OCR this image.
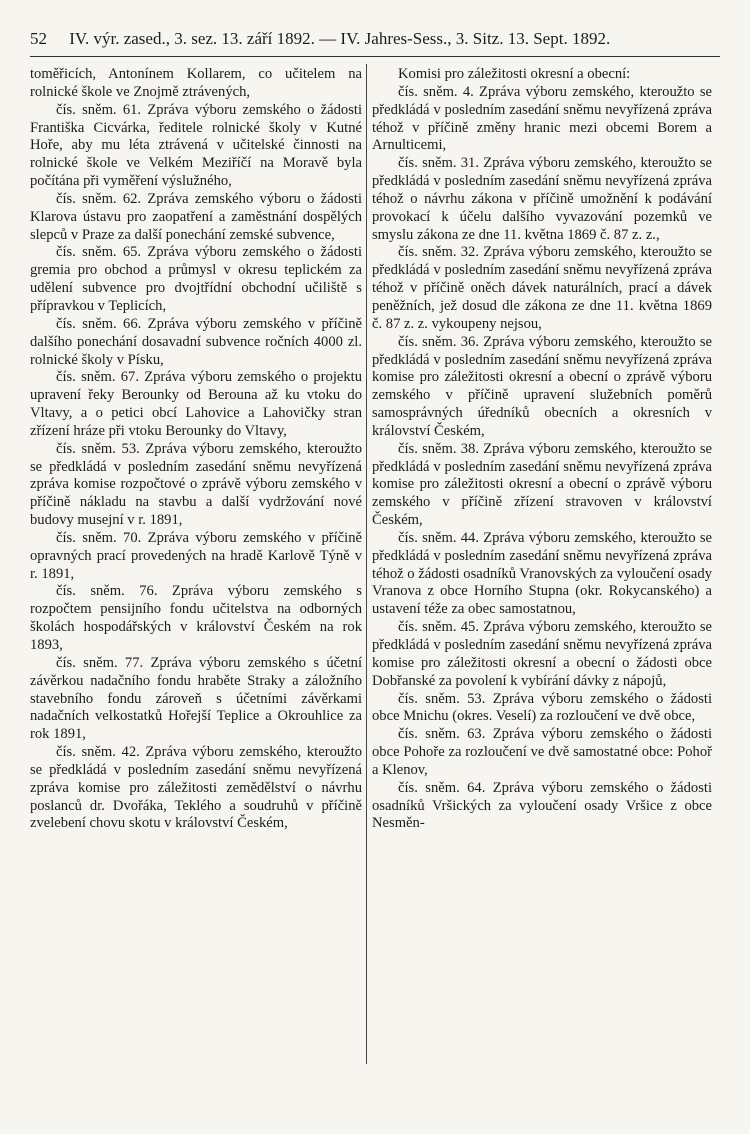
52 IV. výr. zased., 3. sez. 13. září 1892. — IV. Jahres-Sess., 3. Sitz. 13. Sept. 1892.

toměřicích, Antonínem Kollarem, co učitelem na rolnické škole ve Znojmě ztrávených,

čís. sněm. 61. Zpráva výboru zemského o žádosti Františka Cicvárka, ředitele rolnické školy v Kutné Hoře, aby mu léta ztrávená v učitelské činnosti na rolnické škole ve Velkém Meziříčí na Moravě byla počítána při vyměření výslužného,

čís. sněm. 62. Zpráva zemského výboru o žádosti Klarova ústavu pro zaopatření a zaměstnání dospělých slepců v Praze za další ponechání zemské subvence,

čís. sněm. 65. Zpráva výboru zemského o žádosti gremia pro obchod a průmysl v okresu teplickém za udělení subvence pro dvojtřídní obchodní učiliště s přípravkou v Teplicích,

čís. sněm. 66. Zpráva výboru zemského v příčině dalšího ponechání dosavadní subvence ročních 4000 zl. rolnické školy v Písku,

čís. sněm. 67. Zpráva výboru zemského o projektu upravení řeky Berounky od Berouna až ku vtoku do Vltavy, a o petici obcí Lahovice a Lahovičky stran zřízení hráze při vtoku Berounky do Vltavy,

čís. sněm. 53. Zpráva výboru zemského, kteroužto se předkládá v posledním zasedání sněmu nevyřízená zpráva komise rozpočtové o zprávě výboru zemského v příčině nákladu na stavbu a další vydržování nové budovy musejní v r. 1891,

čís. sněm. 70. Zpráva výboru zemského v příčině opravných prací provedených na hradě Karlově Týně v r. 1891,

čís. sněm. 76. Zpráva výboru zemského s rozpočtem pensijního fondu učitelstva na odborných školách hospodářských v království Českém na rok 1893,

čís. sněm. 77. Zpráva výboru zemského s účetní závěrkou nadačního fondu hraběte Straky a záložního stavebního fondu zároveň s účetními závěrkami nadačních velkostatků Hořejší Teplice a Okrouhlice za rok 1891,

čís. sněm. 42. Zpráva výboru zemského, kteroužto se předkládá v posledním zasedání sněmu nevyřízená zpráva komise pro záležitosti zemědělství o návrhu poslanců dr. Dvořáka, Teklého a soudruhů v příčině zvelebení chovu skotu v království Českém,

Komisi pro záležitosti okresní a obecní:

čís. sněm. 4. Zpráva výboru zemského, kteroužto se předkládá v posledním zasedání sněmu nevyřízená zpráva téhož v příčině změny hranic mezi obcemi Borem a Arnulticemi,

čís. sněm. 31. Zpráva výboru zemského, kteroužto se předkládá v posledním zasedání sněmu nevyřízená zpráva téhož o návrhu zákona v příčině umožnění k podávání provokací k účelu dalšího vyvazování pozemků ve smyslu zákona ze dne 11. května 1869 č. 87 z. z.,

čís. sněm. 32. Zpráva výboru zemského, kteroužto se předkládá v posledním zasedání sněmu nevyřízená zpráva téhož v příčině oněch dávek naturálních, prací a dávek peněžních, jež dosud dle zákona ze dne 11. května 1869 č. 87 z. z. vykoupeny nejsou,

čís. sněm. 36. Zpráva výboru zemského, kteroužto se předkládá v posledním zasedání sněmu nevyřízená zpráva komise pro záležitosti okresní a obecní o zprávě výboru zemského v příčině upravení služebních poměrů samosprávných úředníků obecních a okresních v království Českém,

čís. sněm. 38. Zpráva výboru zemského, kteroužto se předkládá v posledním zasedání sněmu nevyřízená zpráva komise pro záležitosti okresní a obecní o zprávě výboru zemského v příčině zřízení stravoven v království Českém,

čís. sněm. 44. Zpráva výboru zemského, kteroužto se předkládá v posledním zasedání sněmu nevyřízená zpráva téhož o žádosti osadníků Vranovských za vyloučení osady Vranova z obce Horního Stupna (okr. Rokycanského) a ustavení téže za obec samostatnou,

čís. sněm. 45. Zpráva výboru zemského, kteroužto se předkládá v posledním zasedání sněmu nevyřízená zpráva komise pro záležitosti okresní a obecní o žádosti obce Dobřanské za povolení k vybírání dávky z nápojů,

čís. sněm. 53. Zpráva výboru zemského o žádosti obce Mnichu (okres. Veselí) za rozloučení ve dvě obce,

čís. sněm. 63. Zpráva výboru zemského o žádosti obce Pohoře za rozloučení ve dvě samostatné obce: Pohoř a Klenov,

čís. sněm. 64. Zpráva výboru zemského o žádosti osadníků Vršických za vyloučení osady Vršice z obce Nesměn-
